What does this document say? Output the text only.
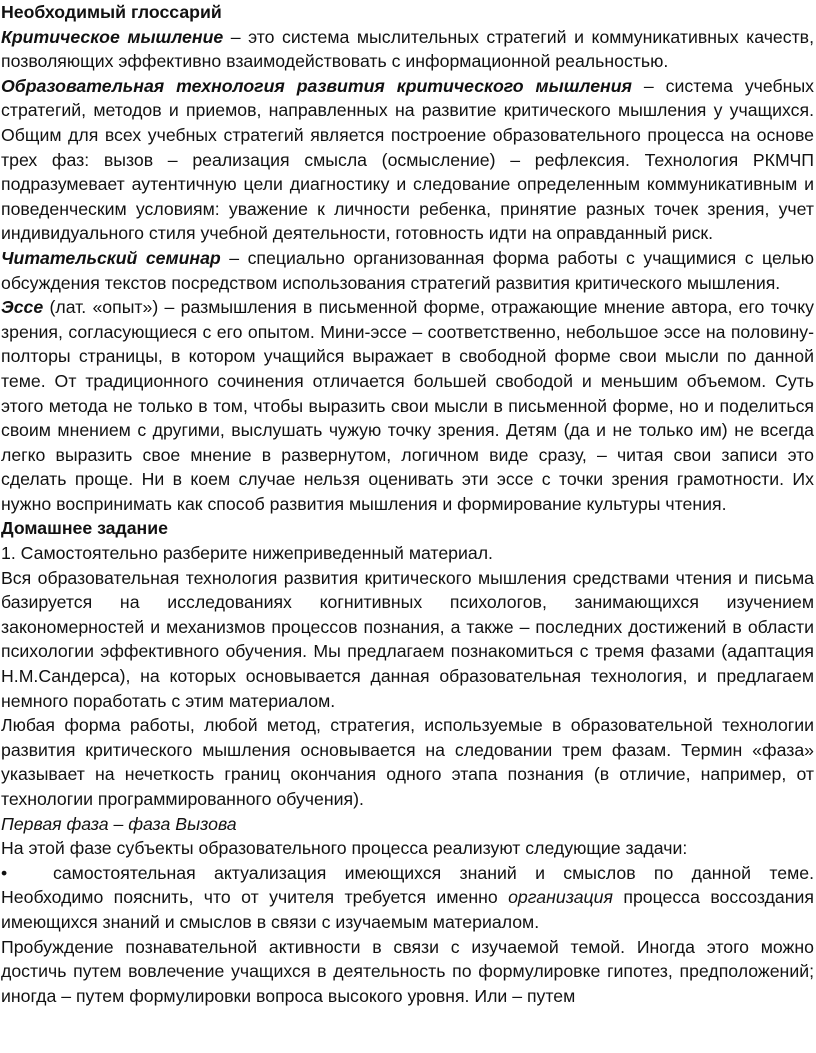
Необходимый глоссарий

Критическое мышление – это система мыслительных стратегий и коммуникативных качеств, позволяющих эффективно взаимодействовать с информационной реальностью.

Образовательная технология развития критического мышления – система учебных стратегий, методов и приемов, направленных на развитие критического мышления у учащихся. Общим для всех учебных стратегий является построение образовательного процесса на основе трех фаз: вызов – реализация смысла (осмысление) – рефлексия. Технология РКМЧП подразумевает аутентичную цели диагностику и следование определенным коммуникативным и поведенческим условиям: уважение к личности ребенка, принятие разных точек зрения, учет индивидуального стиля учебной деятельности, готовность идти на оправданный риск.

Читательский семинар – специально организованная форма работы с учащимися с целью обсуждения текстов посредством использования стратегий развития критического мышления.

Эссе (лат. «опыт») – размышления в письменной форме, отражающие мнение автора, его точку зрения, согласующиеся с его опытом. Мини-эссе – соответственно, небольшое эссе на половину-полторы страницы, в котором учащийся выражает в свободной форме свои мысли по данной теме. От традиционного сочинения отличается большей свободой и меньшим объемом. Суть этого метода не только в том, чтобы выразить свои мысли в письменной форме, но и поделиться своим мнением с другими, выслушать чужую точку зрения. Детям (да и не только им) не всегда легко выразить свое мнение в развернутом, логичном виде сразу, – читая свои записи это сделать проще. Ни в коем случае нельзя оценивать эти эссе с точки зрения грамотности. Их нужно воспринимать как способ развития мышления и формирование культуры чтения.

Домашнее задание

1. Самостоятельно разберите нижеприведенный материал.

Вся образовательная технология развития критического мышления средствами чтения и письма базируется на исследованиях когнитивных психологов, занимающихся изучением закономерностей и механизмов процессов познания, а также – последних достижений в области психологии эффективного обучения. Мы предлагаем познакомиться с тремя фазами (адаптация Н.М.Сандерса), на которых основывается данная образовательная технология, и предлагаем немного поработать с этим материалом.

Любая форма работы, любой метод, стратегия, используемые в образовательной технологии развития критического мышления основывается на следовании трем фазам. Термин «фаза» указывает на нечеткость границ окончания одного этапа познания (в отличие, например, от технологии программированного обучения).

Первая фаза – фаза Вызова

На этой фазе субъекты образовательного процесса реализуют следующие задачи:

•	самостоятельная актуализация имеющихся знаний и смыслов по данной теме. Необходимо пояснить, что от учителя требуется именно организация процесса воссоздания имеющихся знаний и смыслов в связи с изучаемым материалом.

Пробуждение познавательной активности в связи с изучаемой темой. Иногда этого можно достичь путем вовлечение учащихся в деятельность по формулировке гипотез, предположений; иногда – путем формулировки вопроса высокого уровня. Или – путем
